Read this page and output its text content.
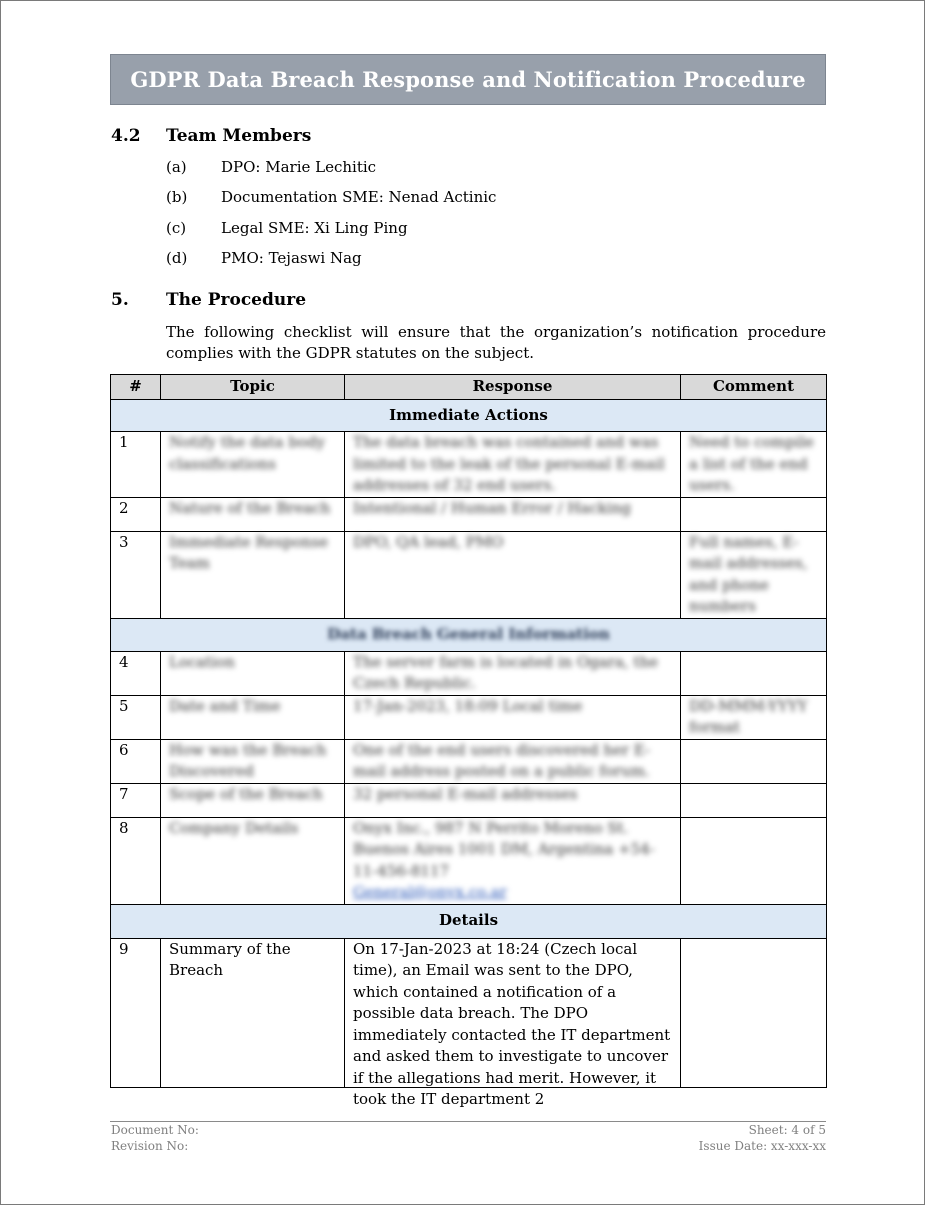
GDPR Data Breach Response and Notification Procedure
4.2 Team Members
(a) DPO: Marie Lechitic
(b) Documentation SME: Nenad Actinic
(c) Legal SME: Xi Ling Ping
(d) PMO: Tejaswi Nag
5. The Procedure
The following checklist will ensure that the organization’s notification procedure complies with the GDPR statutes on the subject.
#	Topic	Response	Comment
Immediate Actions			
1	Notify the data body classifications	The data breach was contained and was limited to the leak of the personal E-mail addresses of 32 end users.	Need to compile a list of the end users.
2	Nature of the Breach	Intentional / Human Error / Hacking	
3	Immediate Response Team	DPO, QA lead, PMO	Full names, E-mail addresses, and phone numbers
Data Breach General Information			
4	Location	The server farm is located in Ogara, the Czech Republic.	
5	Date and Time	17-Jan-2023, 18:09 Local time	DD-MMM-YYYY format
6	How was the Breach Discovered	One of the end users discovered her E-mail address posted on a public forum.	
7	Scope of the Breach	32 personal E-mail addresses	
8	Company Details	Onyx Inc., 987 N Perrito Moreno St. Buenos Aires 1001 DM, Argentina +54-11-456-8117
General@onyx.co.ar	
Details			
9	Summary of the Breach	On 17-Jan-2023 at 18:24 (Czech local time), an Email was sent to the DPO, which contained a notification of a possible data breach. The DPO immediately contacted the IT department and asked them to investigate to uncover if the allegations had merit. However, it took the IT department 2	

Document No:
Revision No:
Sheet: 4 of 5
Issue Date: xx-xxx-xx
